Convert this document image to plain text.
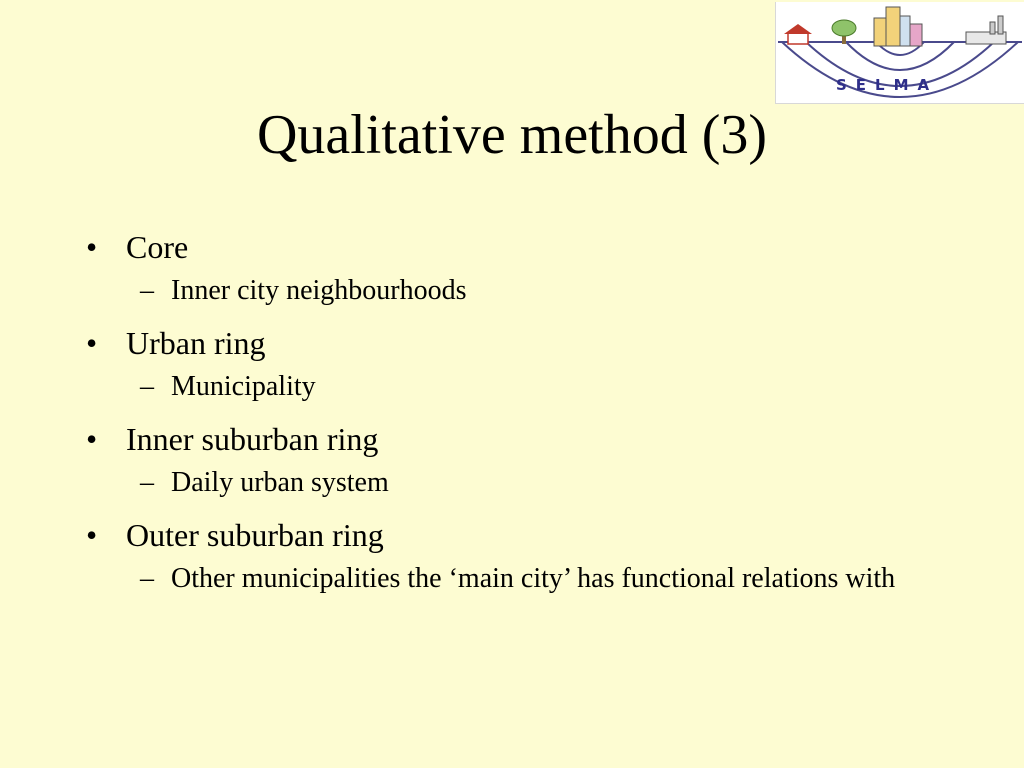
SELMA
Qualitative method (3)
• Core
– Inner city neighbourhoods
• Urban ring
– Municipality
• Inner suburban ring
– Daily urban system
• Outer suburban ring
– Other municipalities the ‘main city’ has functional relations with
